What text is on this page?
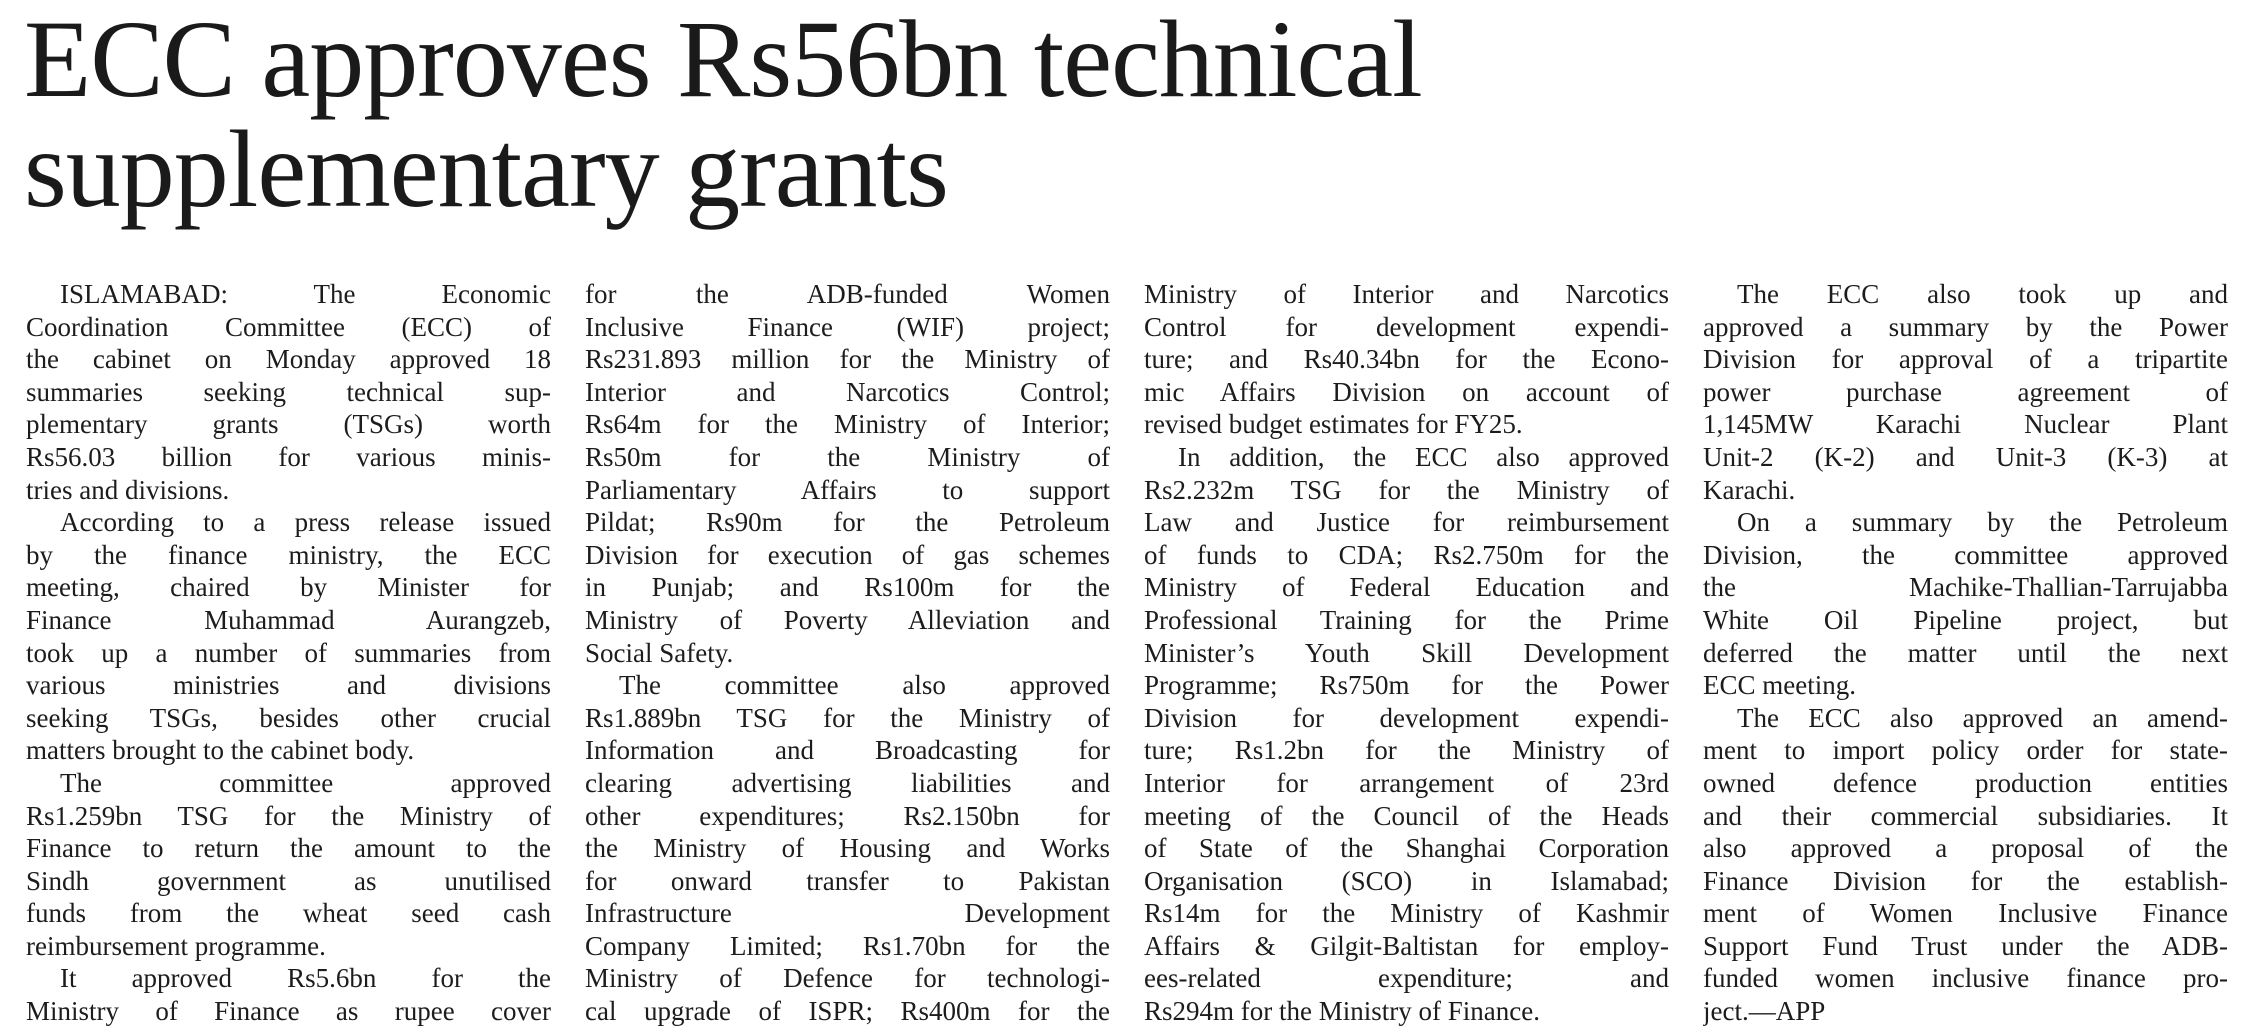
ECC approves Rs56bn technical
supplementary grants
ISLAMABAD: The Economic
Coordination Committee (ECC) of
the cabinet on Monday approved 18
summaries seeking technical sup-
plementary grants (TSGs) worth
Rs56.03 billion for various minis-
tries and divisions.
According to a press release issued
by the finance ministry, the ECC
meeting, chaired by Minister for
Finance Muhammad Aurangzeb,
took up a number of summaries from
various ministries and divisions
seeking TSGs, besides other crucial
matters brought to the cabinet body.
The committee approved
Rs1.259bn TSG for the Ministry of
Finance to return the amount to the
Sindh government as unutilised
funds from the wheat seed cash
reimbursement programme.
It approved Rs5.6bn for the
Ministry of Finance as rupee cover
for the ADB-funded Women
Inclusive Finance (WIF) project;
Rs231.893 million for the Ministry of
Interior and Narcotics Control;
Rs64m for the Ministry of Interior;
Rs50m for the Ministry of
Parliamentary Affairs to support
Pildat; Rs90m for the Petroleum
Division for execution of gas schemes
in Punjab; and Rs100m for the
Ministry of Poverty Alleviation and
Social Safety.
The committee also approved
Rs1.889bn TSG for the Ministry of
Information and Broadcasting for
clearing advertising liabilities and
other expenditures; Rs2.150bn for
the Ministry of Housing and Works
for onward transfer to Pakistan
Infrastructure Development
Company Limited; Rs1.70bn for the
Ministry of Defence for technologi-
cal upgrade of ISPR; Rs400m for the
Ministry of Interior and Narcotics
Control for development expendi-
ture; and Rs40.34bn for the Econo-
mic Affairs Division on account of
revised budget estimates for FY25.
In addition, the ECC also approved
Rs2.232m TSG for the Ministry of
Law and Justice for reimbursement
of funds to CDA; Rs2.750m for the
Ministry of Federal Education and
Professional Training for the Prime
Minister’s Youth Skill Development
Programme; Rs750m for the Power
Division for development expendi-
ture; Rs1.2bn for the Ministry of
Interior for arrangement of 23rd
meeting of the Council of the Heads
of State of the Shanghai Corporation
Organisation (SCO) in Islamabad;
Rs14m for the Ministry of Kashmir
Affairs & Gilgit-Baltistan for employ-
ees-related expenditure; and
Rs294m for the Ministry of Finance.
The ECC also took up and
approved a summary by the Power
Division for approval of a tripartite
power purchase agreement of
1,145MW Karachi Nuclear Plant
Unit-2 (K-2) and Unit-3 (K-3) at
Karachi.
On a summary by the Petroleum
Division, the committee approved
the Machike-Thallian-Tarrujabba
White Oil Pipeline project, but
deferred the matter until the next
ECC meeting.
The ECC also approved an amend-
ment to import policy order for state-
owned defence production entities
and their commercial subsidiaries. It
also approved a proposal of the
Finance Division for the establish-
ment of Women Inclusive Finance
Support Fund Trust under the ADB-
funded women inclusive finance pro-
ject.—APP
